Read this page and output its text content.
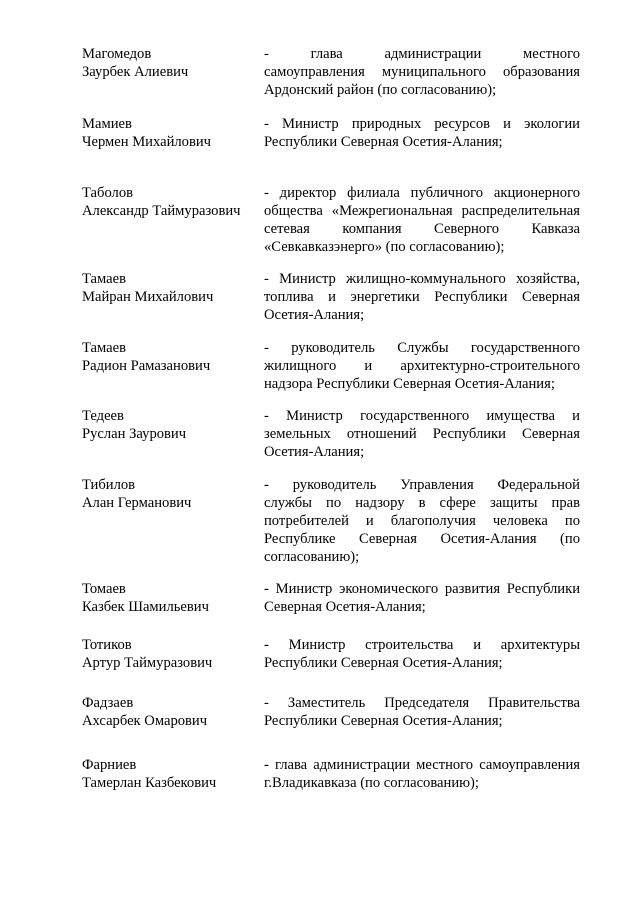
Магомедов
Заурбек Алиевич
- глава администрации местного
самоуправления муниципального образования
Ардонский район (по согласованию);
Мамиев
Чермен Михайлович
- Министр природных ресурсов и экологии
Республики Северная Осетия-Алания;
Таболов
Александр Таймуразович
- директор филиала публичного акционерного
общества «Межрегиональная распределительная
сетевая компания Северного Кавказа
«Севкавказэнерго» (по согласованию);
Тамаев
Майран Михайлович
- Министр жилищно-коммунального хозяйства,
топлива и энергетики Республики Северная
Осетия-Алания;
Тамаев
Радион Рамазанович
- руководитель Службы государственного
жилищного и архитектурно-строительного
надзора Республики Северная Осетия-Алания;
Тедеев
Руслан Заурович
- Министр государственного имущества и
земельных отношений Республики Северная
Осетия-Алания;
Тибилов
Алан Германович
- руководитель Управления Федеральной
службы по надзору в сфере защиты прав
потребителей и благополучия человека по
Республике Северная Осетия-Алания (по
согласованию);
Томаев
Казбек Шамильевич
- Министр экономического развития Республики
Северная Осетия-Алания;
Тотиков
Артур Таймуразович
- Министр строительства и архитектуры
Республики Северная Осетия-Алания;
Фадзаев
Ахсарбек Омарович
- Заместитель Председателя Правительства
Республики Северная Осетия-Алания;
Фарниев
Тамерлан Казбекович
- глава администрации местного самоуправления
г.Владикавказа (по согласованию);
